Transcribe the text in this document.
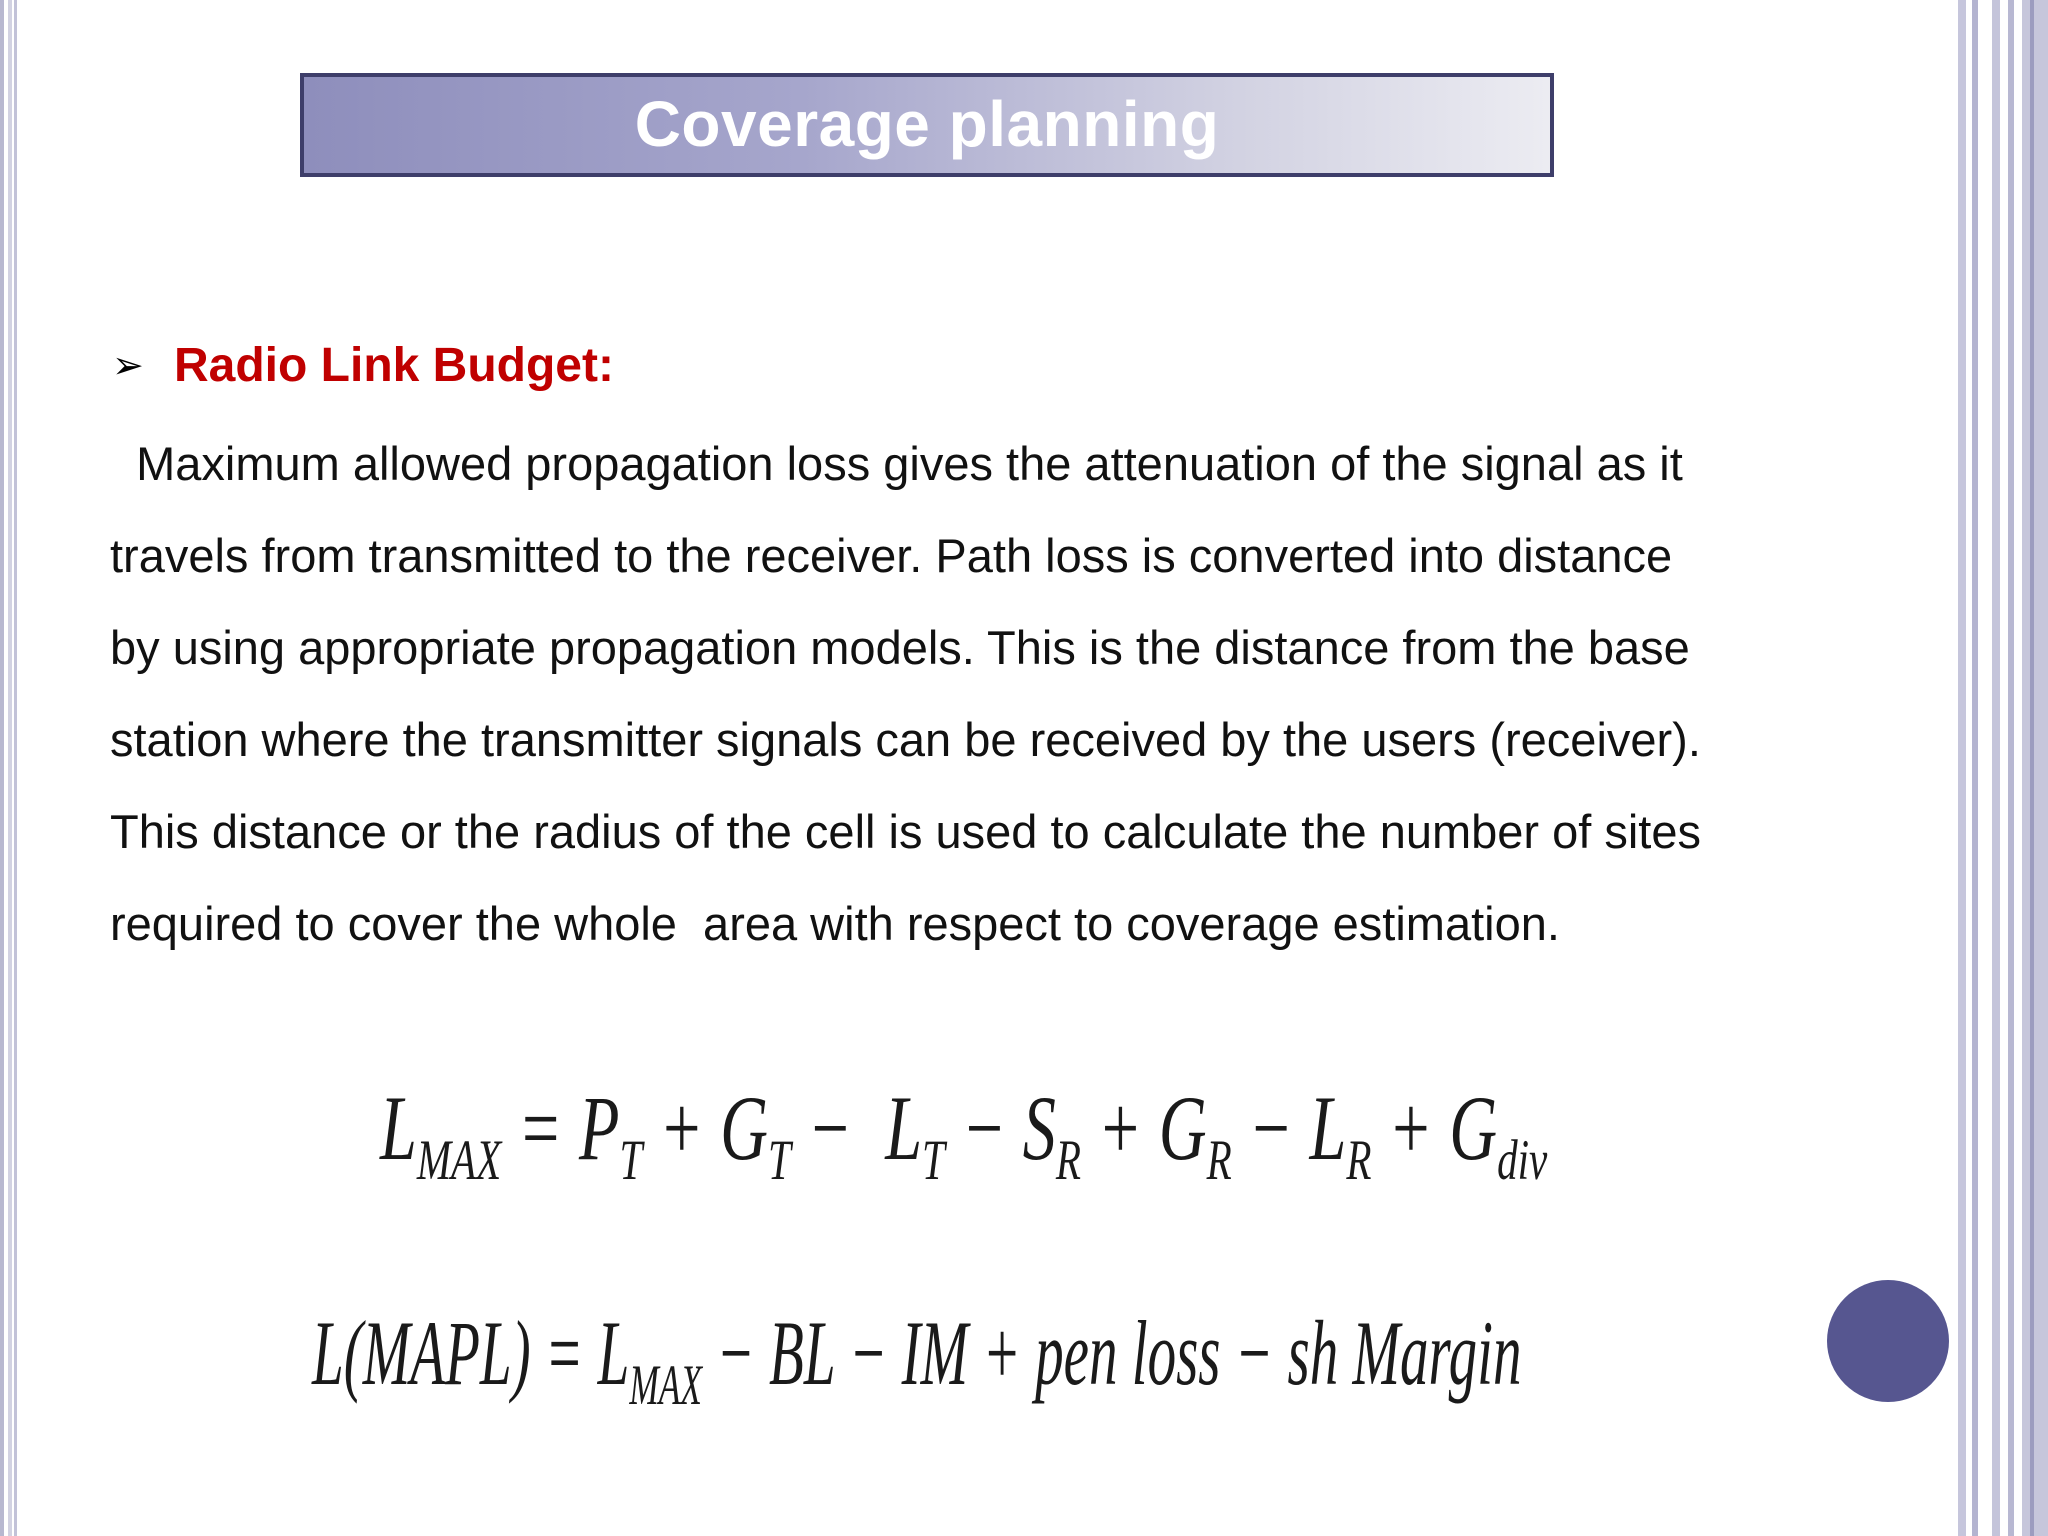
Coverage planning
➢ Radio Link Budget:
Maximum allowed propagation loss gives the attenuation of the signal as it
travels from transmitted to the receiver. Path loss is converted into distance
by using appropriate propagation models. This is the distance from the base
station where the transmitter signals can be received by the users (receiver).
This distance or the radius of the cell is used to calculate the number of sites
required to cover the whole  area with respect to coverage estimation.
$L_{MAX} = P_T + G_T - L_T - S_R + G_R - L_R + G_{div}$
L(MAPL) = $L_{MAX}$ − BL − IM + pen loss − sh Margin
